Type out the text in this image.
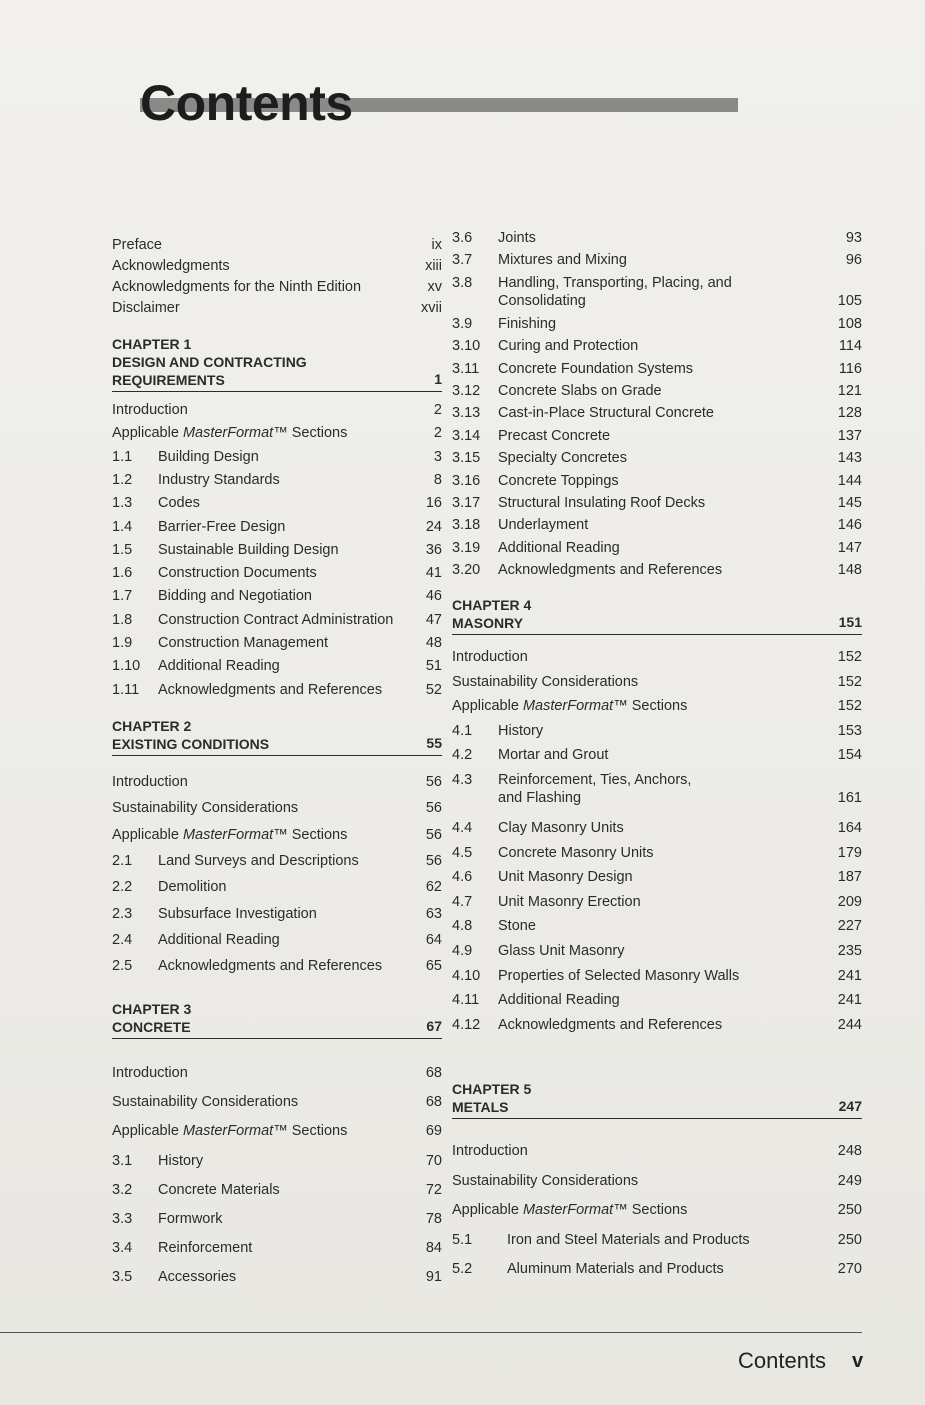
Contents
Preface	ix
Acknowledgments	xiii
Acknowledgments for the Ninth Edition	xv
Disclaimer	xvii
CHAPTER 1
DESIGN AND CONTRACTING
REQUIREMENTS	1
Introduction	2
Applicable MasterFormat™ Sections	2
1.1 Building Design	3
1.2 Industry Standards	8
1.3 Codes	16
1.4 Barrier-Free Design	24
1.5 Sustainable Building Design	36
1.6 Construction Documents	41
1.7 Bidding and Negotiation	46
1.8 Construction Contract Administration 47
1.9 Construction Management	48
1.10 Additional Reading	51
1.11 Acknowledgments and References	52
CHAPTER 2
EXISTING CONDITIONS	55
Introduction	56
Sustainability Considerations	56
Applicable MasterFormat™ Sections	56
2.1 Land Surveys and Descriptions	56
2.2 Demolition	62
2.3 Subsurface Investigation	63
2.4 Additional Reading	64
2.5 Acknowledgments and References	65
CHAPTER 3
CONCRETE	67
Introduction	68
Sustainability Considerations	68
Applicable MasterFormat™ Sections	69
3.1 History	70
3.2 Concrete Materials	72
3.3 Formwork	78
3.4 Reinforcement	84
3.5 Accessories	91
3.6 Joints	93
3.7 Mixtures and Mixing	96
3.8 Handling, Transporting, Placing, and
Consolidating	105
3.9 Finishing	108
3.10 Curing and Protection	114
3.11 Concrete Foundation Systems	116
3.12 Concrete Slabs on Grade	121
3.13 Cast-in-Place Structural Concrete	128
3.14 Precast Concrete	137
3.15 Specialty Concretes	143
3.16 Concrete Toppings	144
3.17 Structural Insulating Roof Decks	145
3.18 Underlayment	146
3.19 Additional Reading	147
3.20 Acknowledgments and References	148
CHAPTER 4
MASONRY	151
Introduction	152
Sustainability Considerations	152
Applicable MasterFormat™ Sections	152
4.1 History	153
4.2 Mortar and Grout	154
4.3 Reinforcement, Ties, Anchors,
and Flashing	161
4.4 Clay Masonry Units	164
4.5 Concrete Masonry Units	179
4.6 Unit Masonry Design	187
4.7 Unit Masonry Erection	209
4.8 Stone	227
4.9 Glass Unit Masonry	235
4.10 Properties of Selected Masonry Walls	241
4.11 Additional Reading	241
4.12 Acknowledgments and References	244
CHAPTER 5
METALS	247
Introduction	248
Sustainability Considerations	249
Applicable MasterFormat™ Sections	250
5.1 Iron and Steel Materials and Products	250
5.2 Aluminum Materials and Products	270
Contents v
